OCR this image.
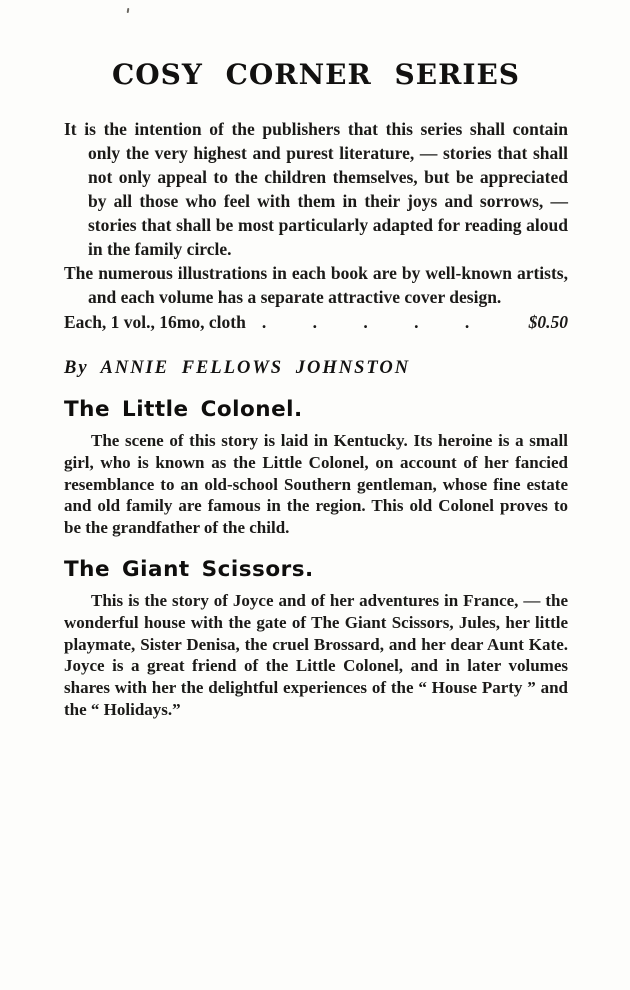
COSY CORNER SERIES

It is the intention of the publishers that this series shall contain only the very highest and purest literature, — stories that shall not only appeal to the children themselves, but be appreciated by all those who feel with them in their joys and sorrows, — stories that shall be most particularly adapted for reading aloud in the family circle.

The numerous illustrations in each book are by well-known artists, and each volume has a separate attractive cover design.

Each, 1 vol., 16mo, cloth . . . . .	$0.50

By ANNIE FELLOWS JOHNSTON

The Little Colonel.

The scene of this story is laid in Kentucky. Its heroine is a small girl, who is known as the Little Colonel, on account of her fancied resemblance to an old-school Southern gentleman, whose fine estate and old family are famous in the region. This old Colonel proves to be the grandfather of the child.

The Giant Scissors.

This is the story of Joyce and of her adventures in France, — the wonderful house with the gate of The Giant Scissors, Jules, her little playmate, Sister Denisa, the cruel Brossard, and her dear Aunt Kate. Joyce is a great friend of the Little Colonel, and in later volumes shares with her the delightful experiences of the “ House Party ” and the “ Holidays.”
